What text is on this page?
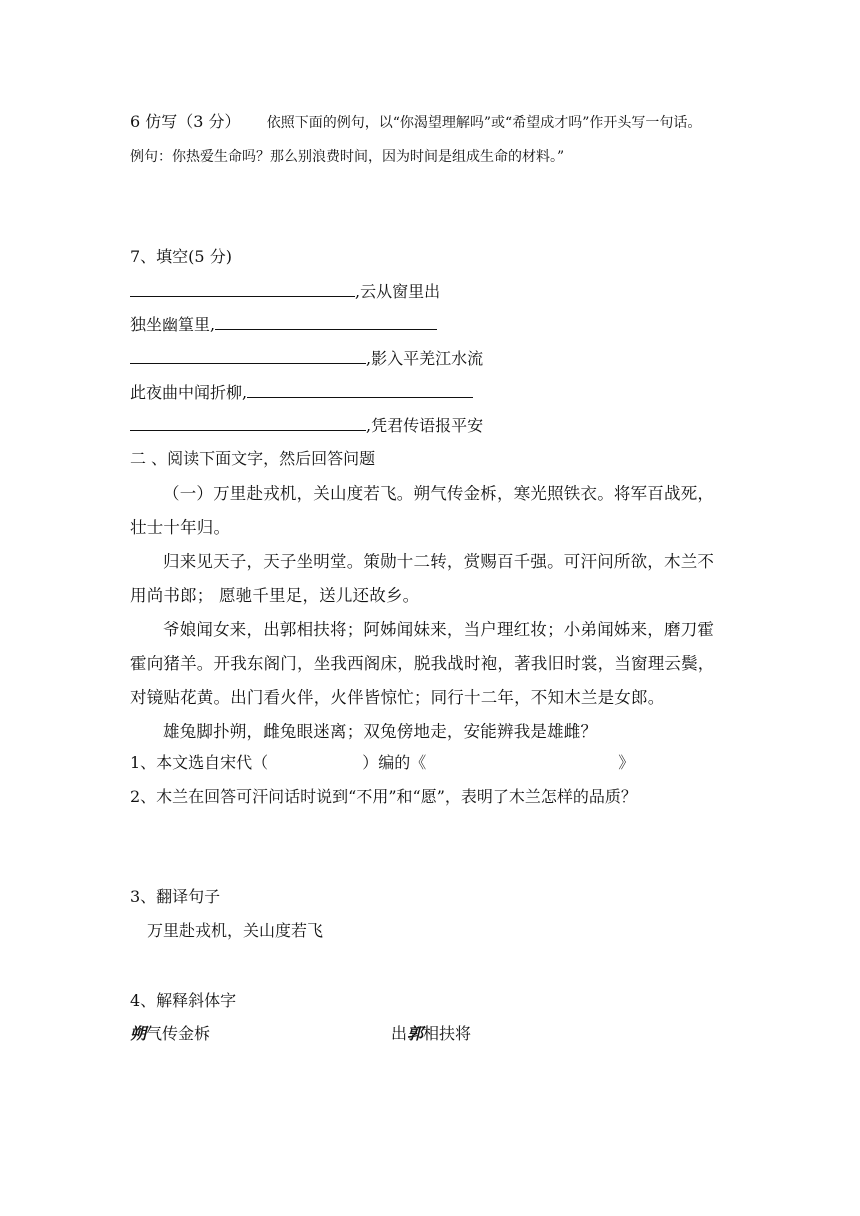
6 仿写（3 分） 依照下面的例句，以“你渴望理解吗”或“希望成才吗”作开头写一句话。
例句：你热爱生命吗？那么别浪费时间，因为时间是组成生命的材料。”
7、填空(5 分)
,云从窗里出
独坐幽篁里,
,影入平羌江水流
此夜曲中闻折柳,
,凭君传语报平安
二 、阅读下面文字，然后回答问题
（一）万里赴戎机，关山度若飞。朔气传金柝，寒光照铁衣。将军百战死，壮士十年归。
归来见天子，天子坐明堂。策勋十二转，赏赐百千强。可汗问所欲，木兰不用尚书郎； 愿驰千里足，送儿还故乡。
爷娘闻女来，出郭相扶将；阿姊闻妹来，当户理红妆；小弟闻姊来，磨刀霍霍向猪羊。开我东阁门，坐我西阁床，脱我战时袍，著我旧时裳，当窗理云鬓，对镜贴花黄。出门看火伴，火伴皆惊忙；同行十二年，不知木兰是女郎。
雄兔脚扑朔，雌兔眼迷离；双兔傍地走，安能辨我是雄雌？
1、本文选自宋代（	）编的《	》
2、木兰在回答可汗问话时说到“不用”和“愿”，表明了木兰怎样的品质？
3、翻译句子
万里赴戎机，关山度若飞
4、解释斜体字
朔气传金柝	出郭相扶将
